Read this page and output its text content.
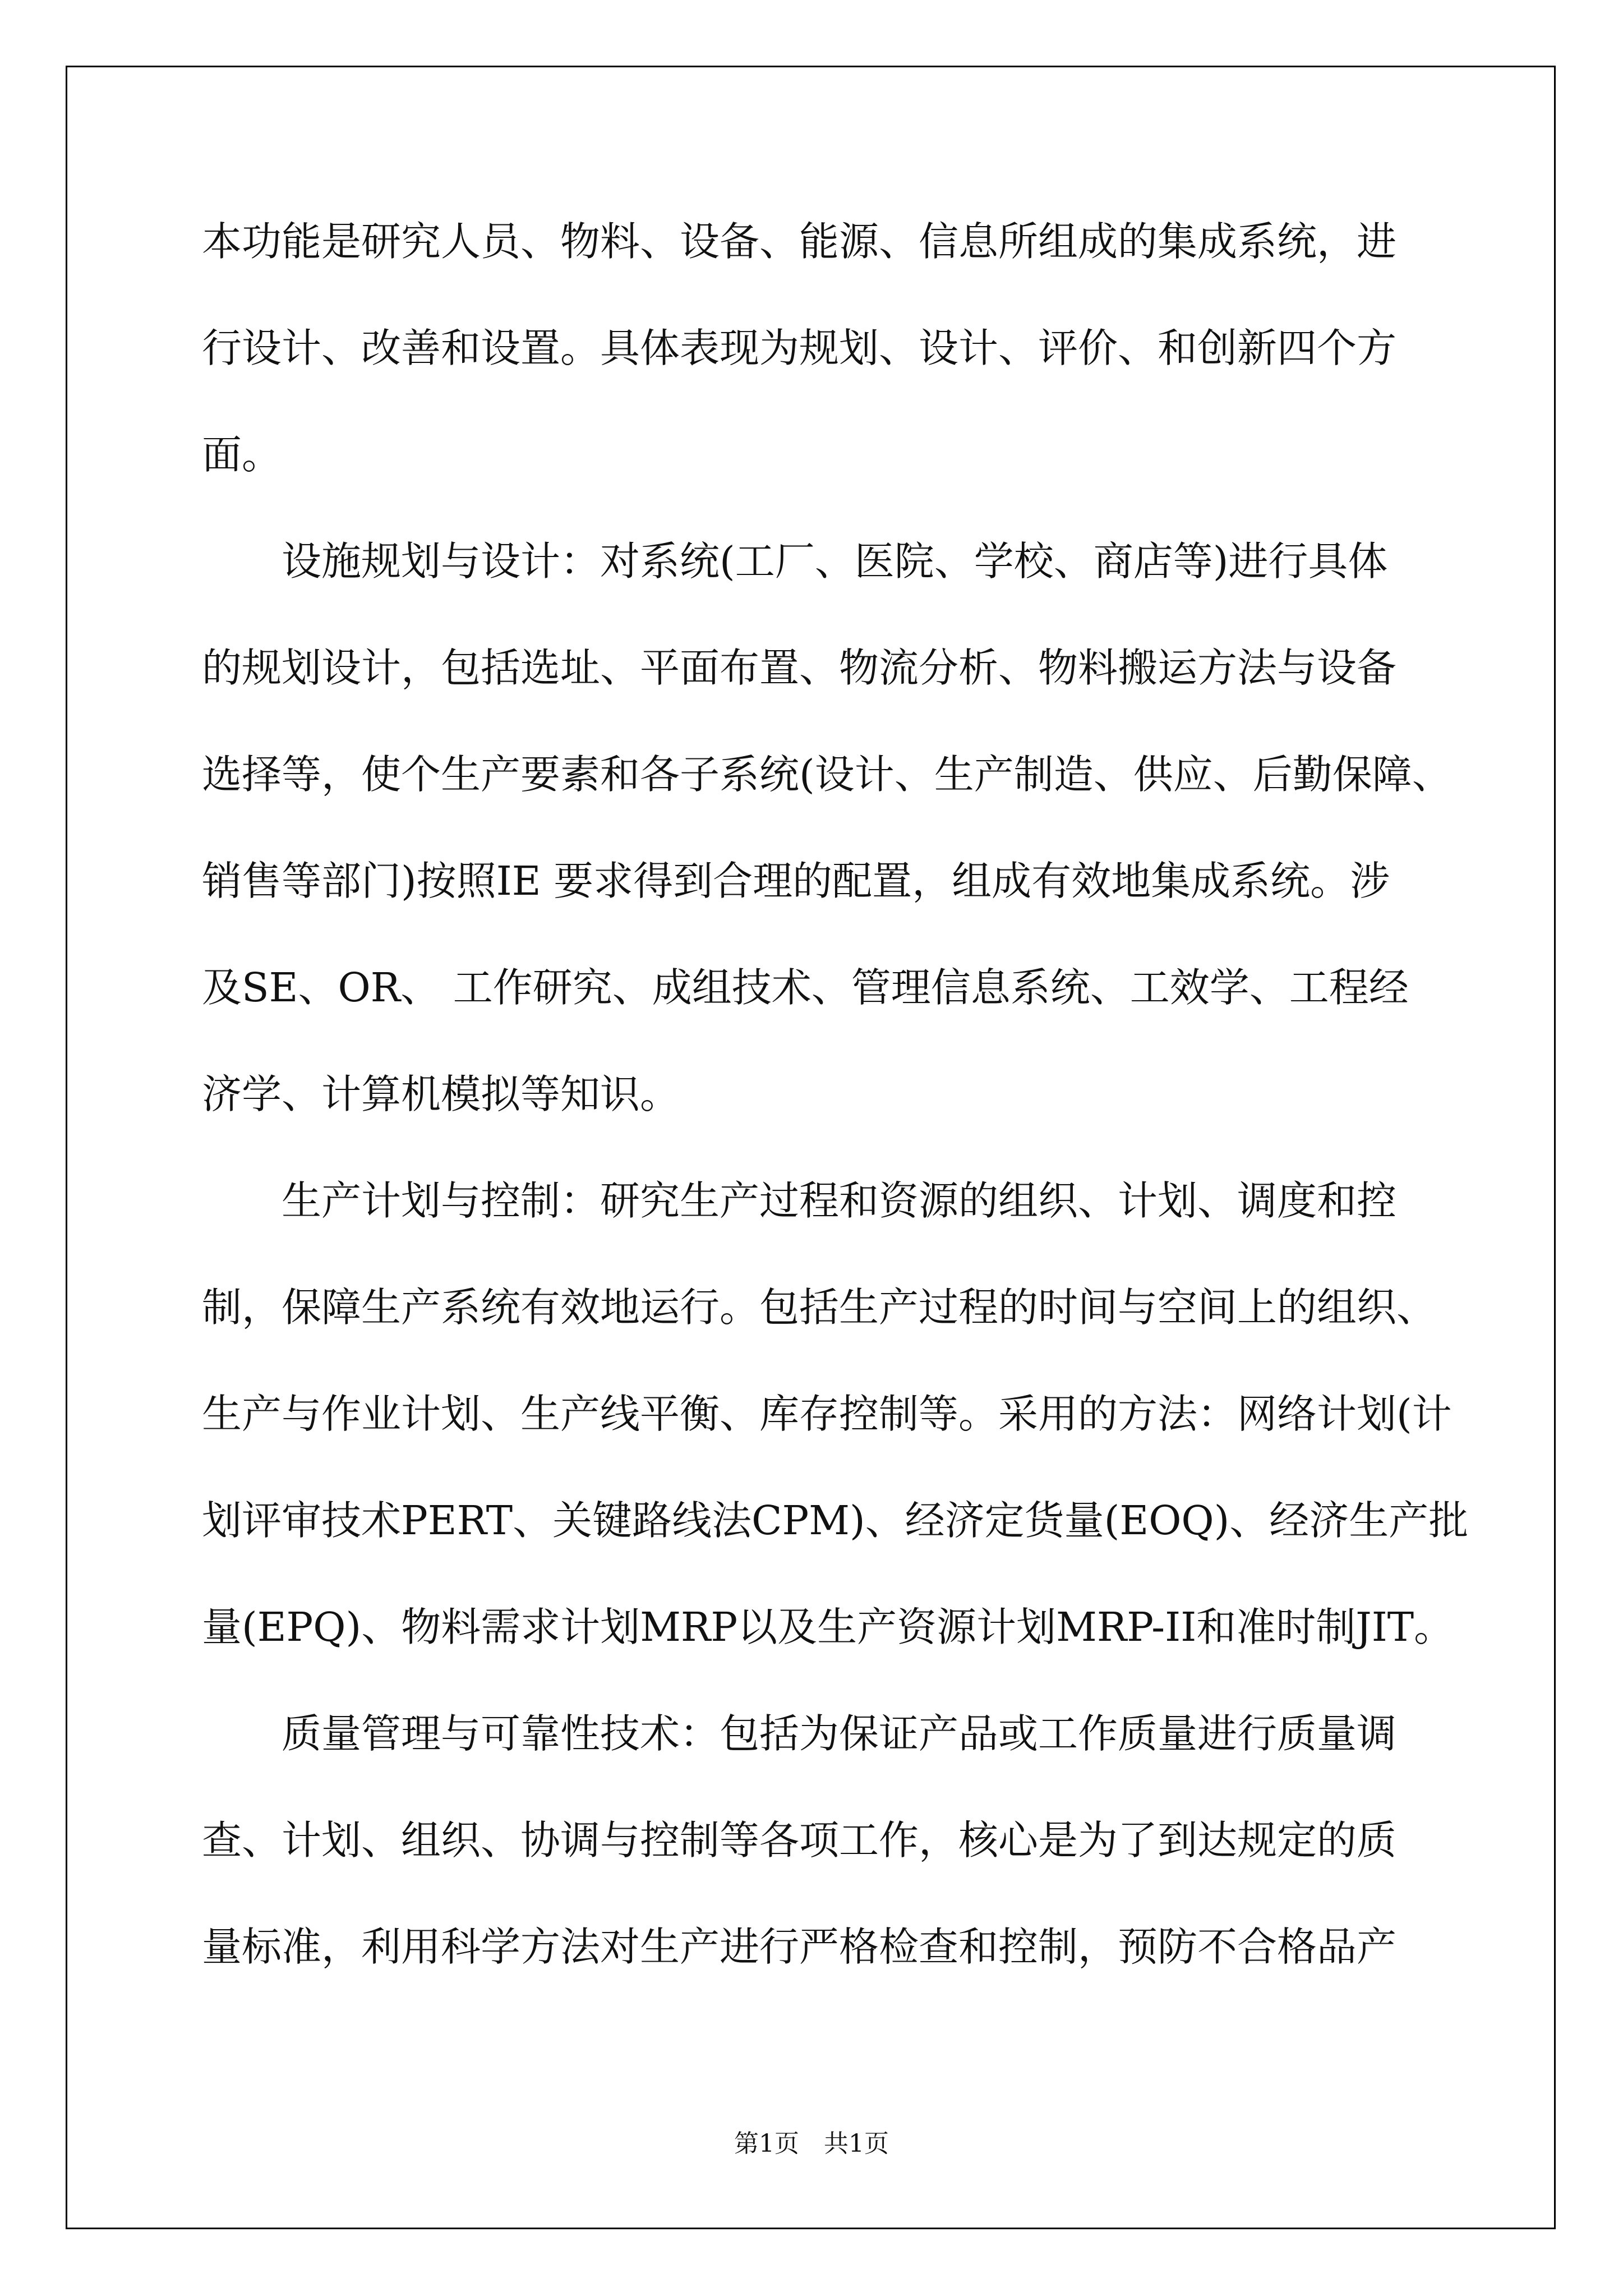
本功能是研究人员、物料、设备、能源、信息所组成的集成系统，进
行设计、改善和设置。具体表现为规划、设计、评价、和创新四个方
面。
设施规划与设计：对系统(工厂、医院、学校、商店等)进行具体
的规划设计，包括选址、平面布置、物流分析、物料搬运方法与设备
选择等，使个生产要素和各子系统(设计、生产制造、供应、后勤保障、
销售等部门)按照IE 要求得到合理的配置，组成有效地集成系统。涉
及SE、OR、 工作研究、成组技术、管理信息系统、工效学、工程经
济学、计算机模拟等知识。
生产计划与控制：研究生产过程和资源的组织、计划、调度和控
制，保障生产系统有效地运行。包括生产过程的时间与空间上的组织、
生产与作业计划、生产线平衡、库存控制等。采用的方法：网络计划(计
划评审技术PERT、关键路线法CPM)、经济定货量(EOQ)、经济生产批
量(EPQ)、物料需求计划MRP以及生产资源计划MRP-II和准时制JIT。
质量管理与可靠性技术：包括为保证产品或工作质量进行质量调
查、计划、组织、协调与控制等各项工作，核心是为了到达规定的质
量标准，利用科学方法对生产进行严格检查和控制，预防不合格品产
第1页 共1页
